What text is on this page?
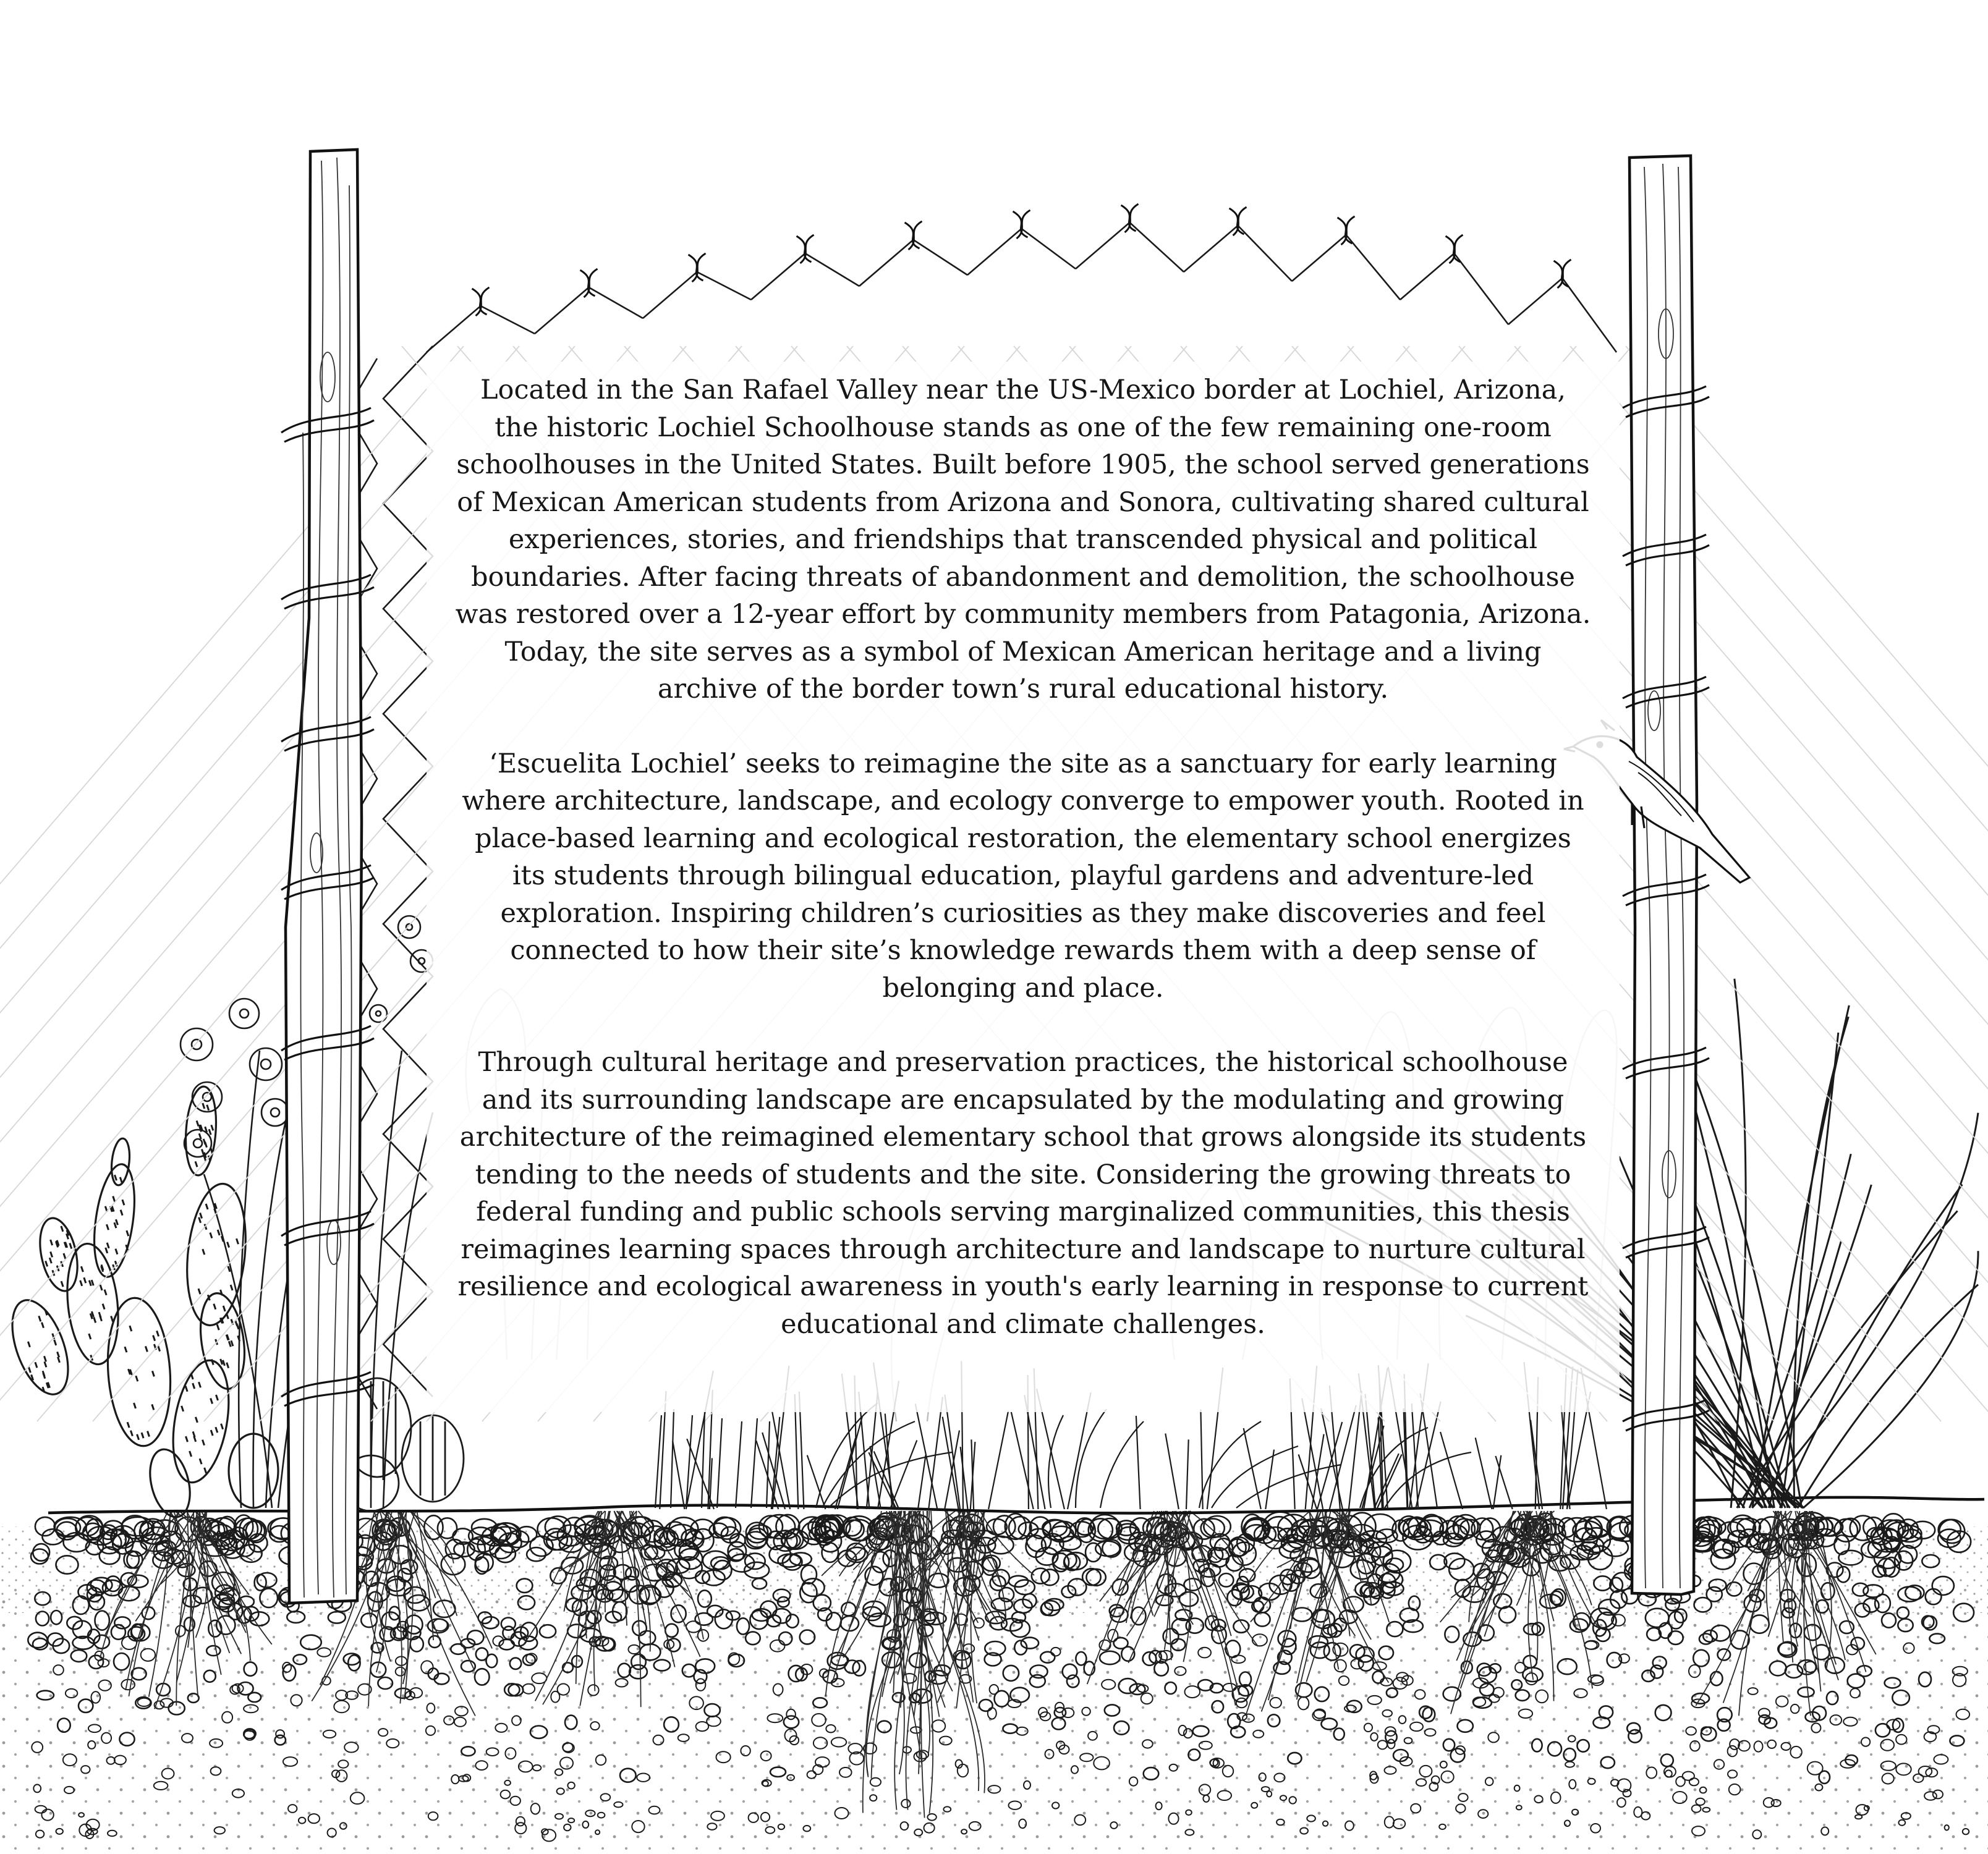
Located in the San Rafael Valley near the US-Mexico border at Lochiel, Arizona, the historic Lochiel Schoolhouse stands as one of the few remaining one-room schoolhouses in the United States. Built before 1905, the school served generations of Mexican American students from Arizona and Sonora, cultivating shared cultural experiences, stories, and friendships that transcended physical and political boundaries. After facing threats of abandonment and demolition, the schoolhouse was restored over a 12-year effort by community members from Patagonia, Arizona. Today, the site serves as a symbol of Mexican American heritage and a living archive of the border town’s rural educational history.

‘Escuelita Lochiel’ seeks to reimagine the site as a sanctuary for early learning where architecture, landscape, and ecology converge to empower youth. Rooted in place-based learning and ecological restoration, the elementary school energizes its students through bilingual education, playful gardens and adventure-led exploration. Inspiring children’s curiosities as they make discoveries and feel connected to how their site’s knowledge rewards them with a deep sense of belonging and place.

Through cultural heritage and preservation practices, the historical schoolhouse and its surrounding landscape are encapsulated by the modulating and growing architecture of the reimagined elementary school that grows alongside its students tending to the needs of students and the site. Considering the growing threats to federal funding and public schools serving marginalized communities, this thesis reimagines learning spaces through architecture and landscape to nurture cultural resilience and ecological awareness in youth's early learning in response to current educational and climate challenges.
